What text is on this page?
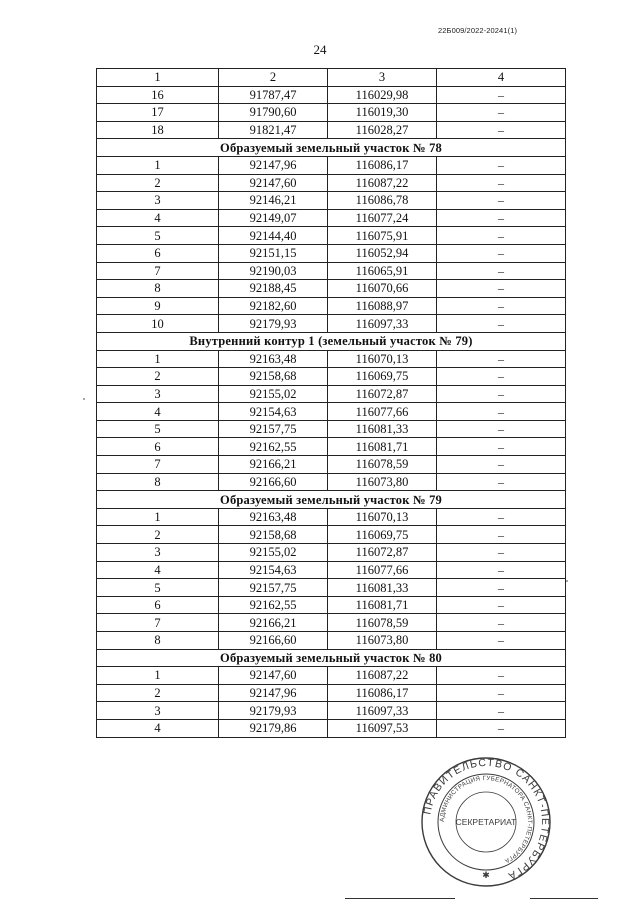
22Б009/2022-20241(1)
24
1	2	3	4
16	91787,47	116029,98	–
17	91790,60	116019,30	–
18	91821,47	116028,27	–
Образуемый земельный участок № 78			
1	92147,96	116086,17	–
2	92147,60	116087,22	–
3	92146,21	116086,78	–
4	92149,07	116077,24	–
5	92144,40	116075,91	–
6	92151,15	116052,94	–
7	92190,03	116065,91	–
8	92188,45	116070,66	–
9	92182,60	116088,97	–
10	92179,93	116097,33	–
Внутренний контур 1 (земельный участок № 79)			
1	92163,48	116070,13	–
2	92158,68	116069,75	–
3	92155,02	116072,87	–
4	92154,63	116077,66	–
5	92157,75	116081,33	–
6	92162,55	116081,71	–
7	92166,21	116078,59	–
8	92166,60	116073,80	–
Образуемый земельный участок № 79			
1	92163,48	116070,13	–
2	92158,68	116069,75	–
3	92155,02	116072,87	–
4	92154,63	116077,66	–
5	92157,75	116081,33	–
6	92162,55	116081,71	–
7	92166,21	116078,59	–
8	92166,60	116073,80	–
Образуемый земельный участок № 80			
1	92147,60	116087,22	–
2	92147,96	116086,17	–
3	92179,93	116097,33	–
4	92179,86	116097,53	–
ПРАВИТЕЛЬСТВО САНКТ-ПЕТЕРБУРГА
АДМИНИСТРАЦИЯ ГУБЕРНАТОРА САНКТ-ПЕТЕРБУРГА
СЕКРЕТАРИАТ
✱
